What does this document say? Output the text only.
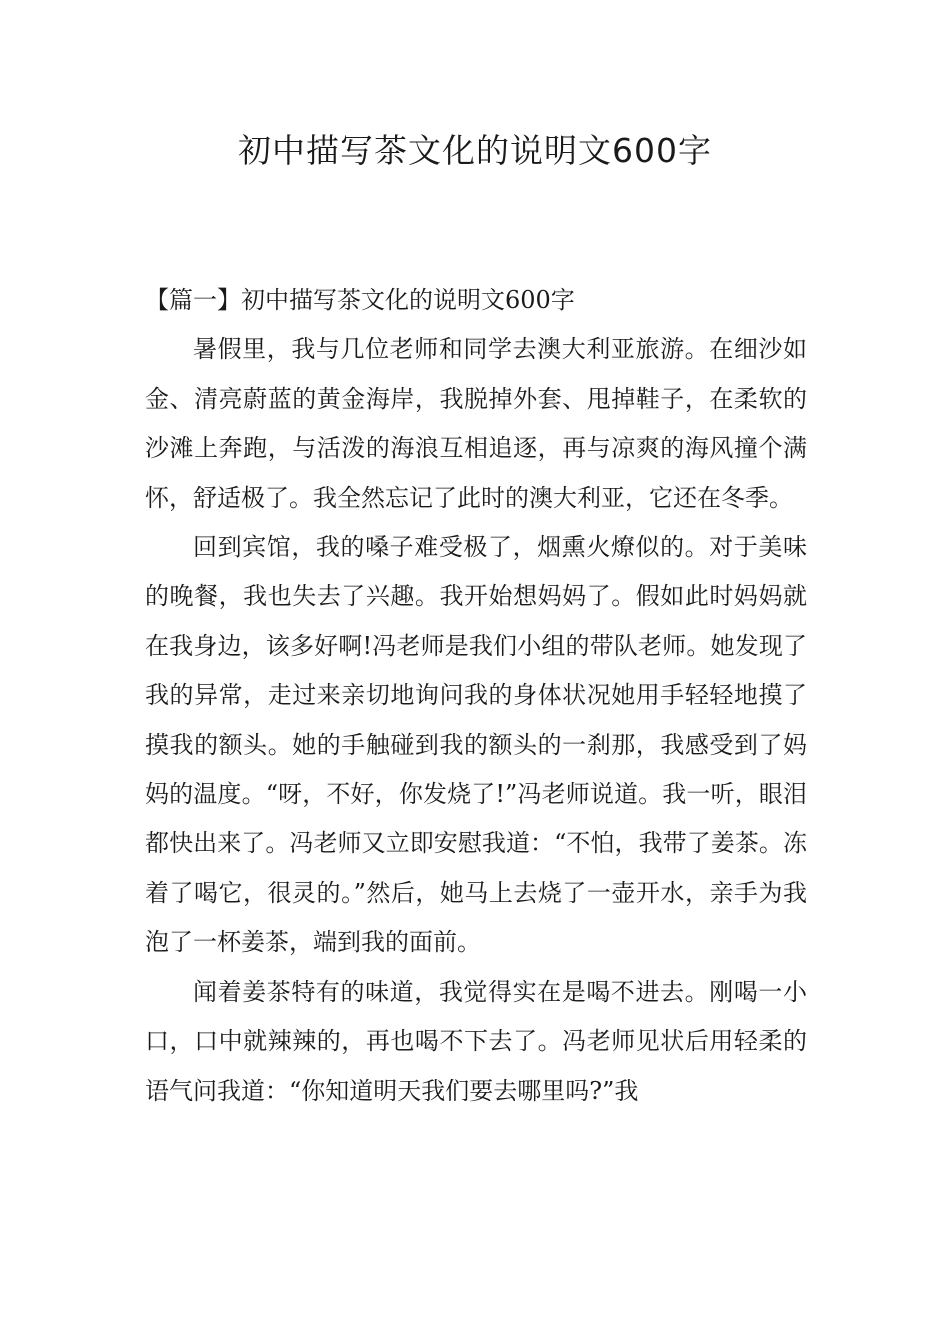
初中描写茶文化的说明文600字
【篇一】初中描写茶文化的说明文600字

暑假里，我与几位老师和同学去澳大利亚旅游。在细沙如金、清亮蔚蓝的黄金海岸，我脱掉外套、甩掉鞋子，在柔软的沙滩上奔跑，与活泼的海浪互相追逐，再与凉爽的海风撞个满怀，舒适极了。我全然忘记了此时的澳大利亚，它还在冬季。

回到宾馆，我的嗓子难受极了，烟熏火燎似的。对于美味的晚餐，我也失去了兴趣。我开始想妈妈了。假如此时妈妈就在我身边，该多好啊!冯老师是我们小组的带队老师。她发现了我的异常，走过来亲切地询问我的身体状况她用手轻轻地摸了摸我的额头。她的手触碰到我的额头的一刹那，我感受到了妈妈的温度。“呀，不好，你发烧了!”冯老师说道。我一听，眼泪都快出来了。冯老师又立即安慰我道：“不怕，我带了姜茶。冻着了喝它，很灵的。”然后，她马上去烧了一壶开水，亲手为我泡了一杯姜茶，端到我的面前。

闻着姜茶特有的味道，我觉得实在是喝不进去。刚喝一小口，口中就辣辣的，再也喝不下去了。冯老师见状后用轻柔的语气问我道：“你知道明天我们要去哪里吗?”我
